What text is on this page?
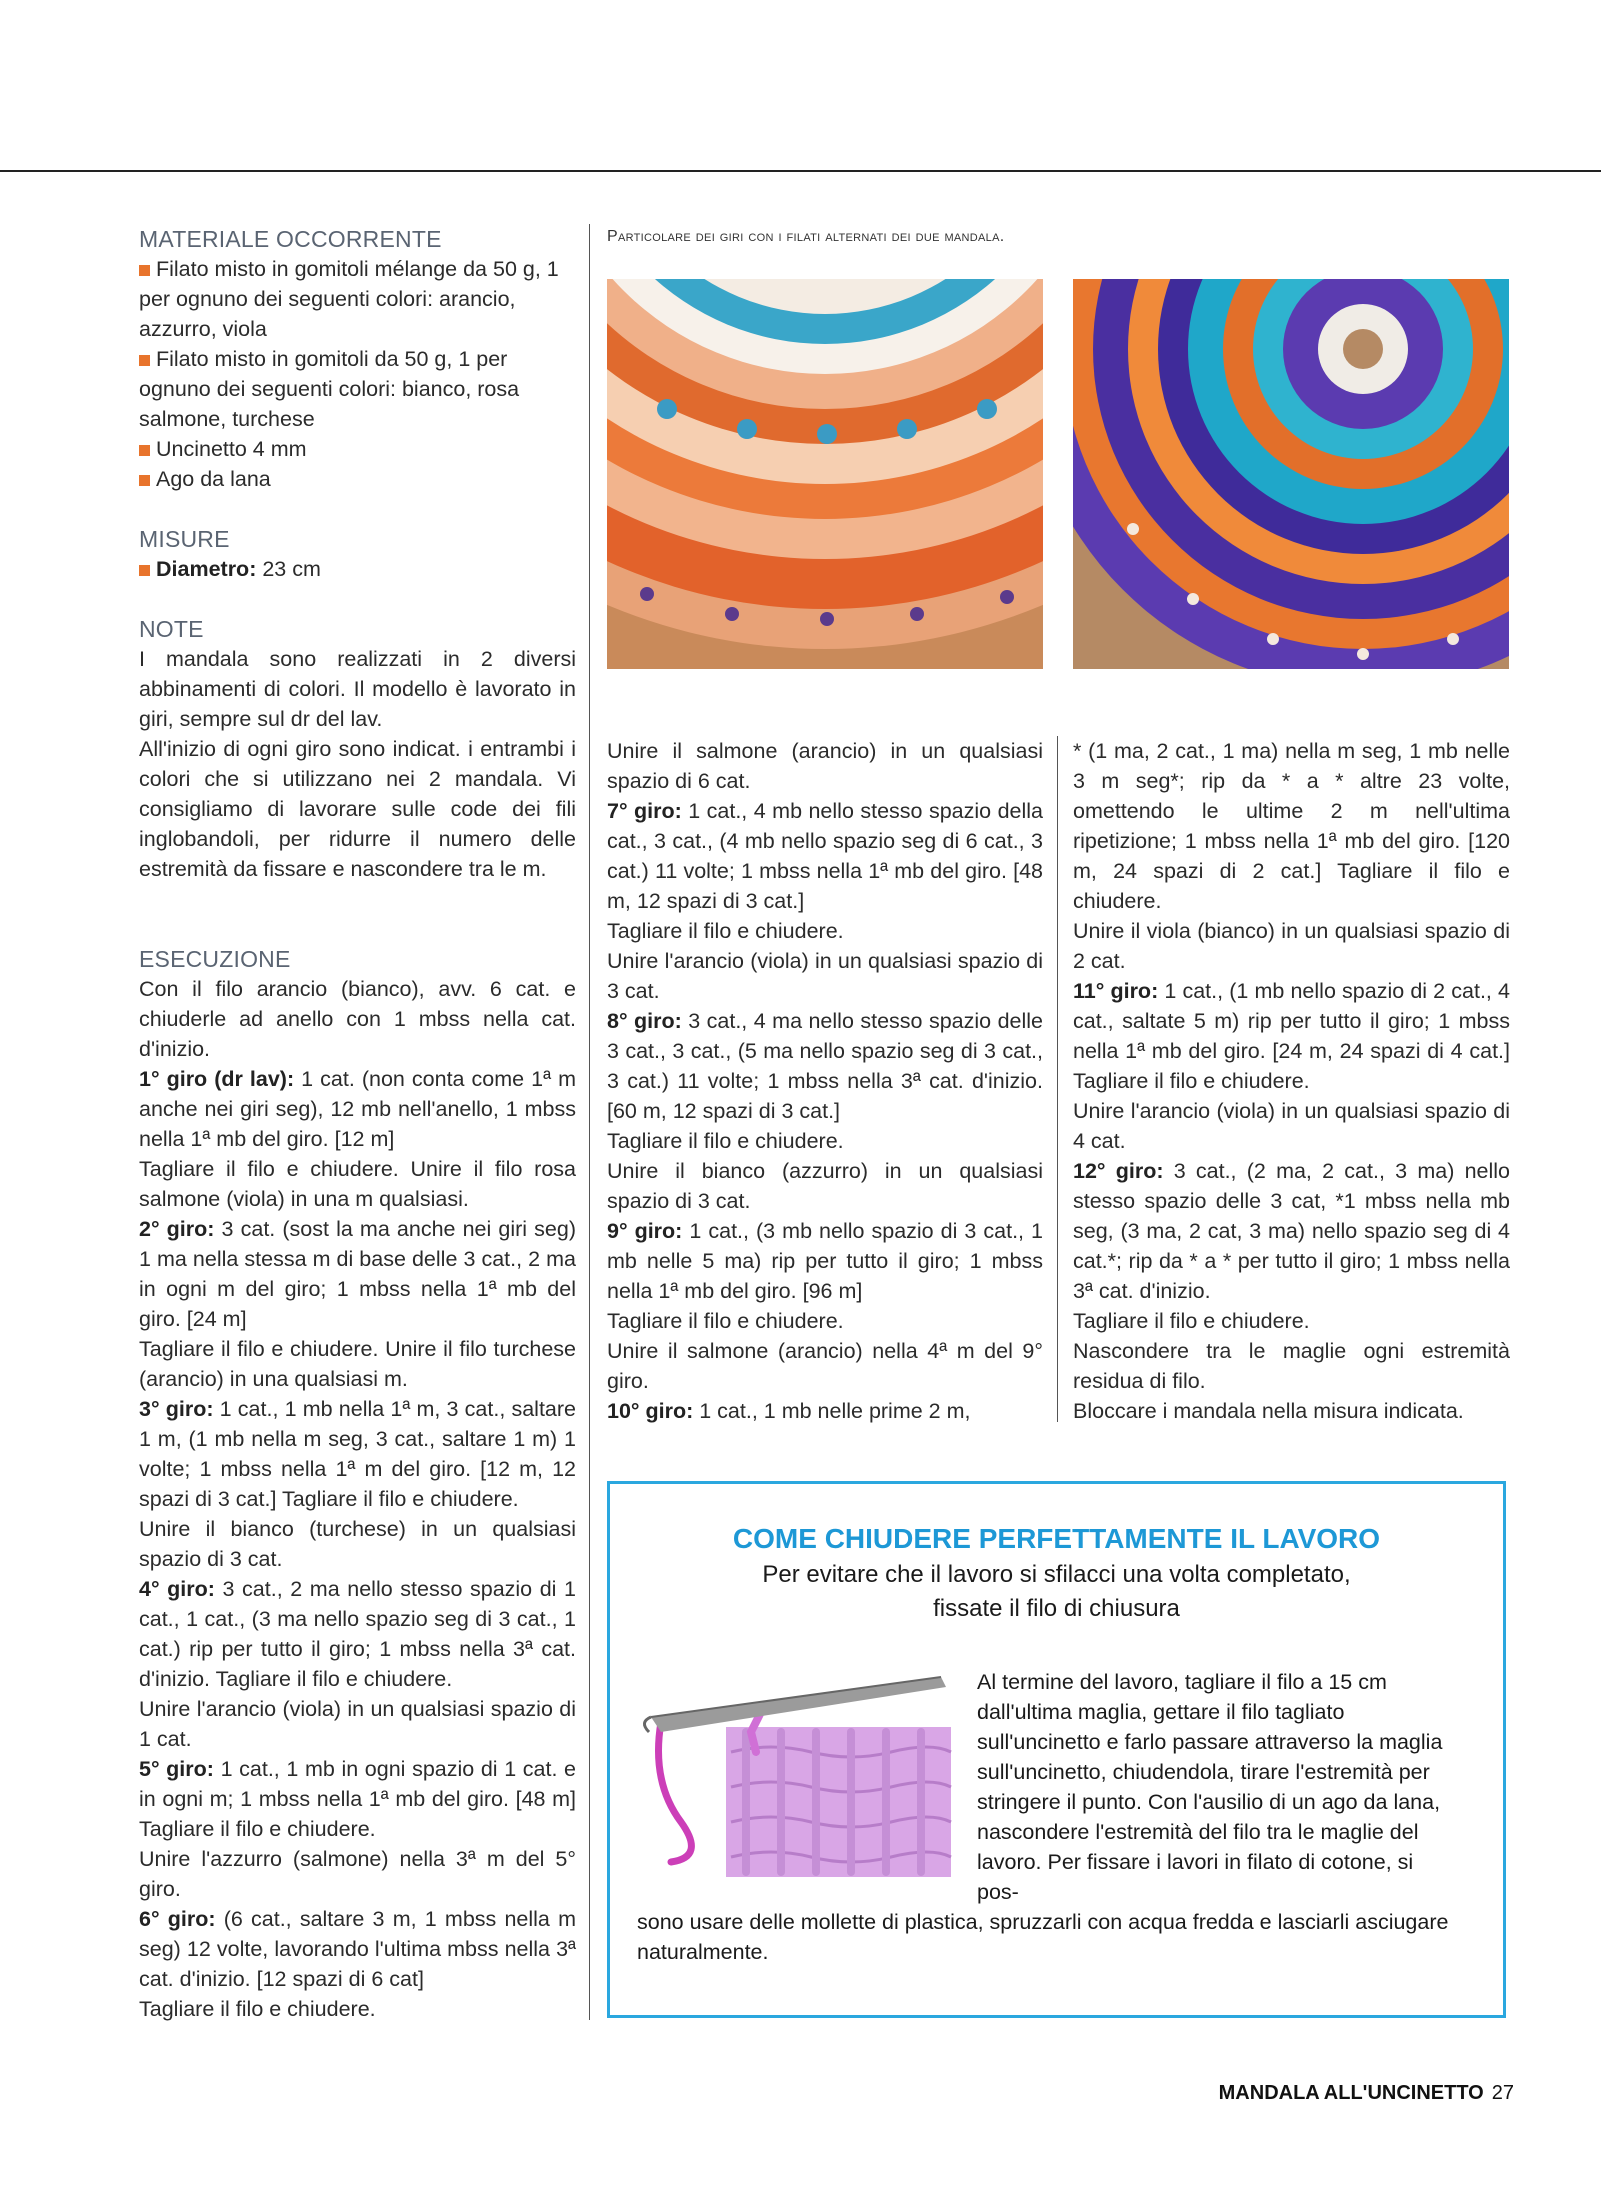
MATERIALE OCCORRENTE

Filato misto in gomitoli mélange da 50 g, 1 per ognuno dei seguenti colori: arancio, azzurro, viola

Filato misto in gomitoli da 50 g, 1 per ognuno dei seguenti colori: bianco, rosa salmone, turchese

Uncinetto 4 mm

Ago da lana

MISURE

Diametro: 23 cm

NOTE

I mandala sono realizzati in 2 diversi abbinamenti di colori. Il modello è lavorato in giri, sempre sul dr del lav.

All'inizio di ogni giro sono indicat. i entrambi i colori che si utilizzano nei 2 mandala. Vi consigliamo di lavorare sulle code dei fili inglobandoli, per ridurre il numero delle estremità da fissare e nascondere tra le m.

ESECUZIONE

Con il filo arancio (bianco), avv. 6 cat. e chiuderle ad anello con 1 mbss nella cat. d'inizio.

1° giro (dr lav): 1 cat. (non conta come 1ª m anche nei giri seg), 12 mb nell'anello, 1 mbss nella 1ª mb del giro. [12 m]

Tagliare il filo e chiudere. Unire il filo rosa salmone (viola) in una m qualsiasi.

2° giro: 3 cat. (sost la ma anche nei giri seg) 1 ma nella stessa m di base delle 3 cat., 2 ma in ogni m del giro; 1 mbss nella 1ª mb del giro. [24 m]

Tagliare il filo e chiudere. Unire il filo turchese (arancio) in una qualsiasi m.

3° giro: 1 cat., 1 mb nella 1ª m, 3 cat., saltare 1 m, (1 mb nella m seg, 3 cat., saltare 1 m) 1 volte; 1 mbss nella 1ª m del giro. [12 m, 12 spazi di 3 cat.] Tagliare il filo e chiudere.

Unire il bianco (turchese) in un qualsiasi spazio di 3 cat.

4° giro: 3 cat., 2 ma nello stesso spazio di 1 cat., 1 cat., (3 ma nello spazio seg di 3 cat., 1 cat.) rip per tutto il giro; 1 mbss nella 3ª cat. d'inizio. Tagliare il filo e chiudere.

Unire l'arancio (viola) in un qualsiasi spazio di 1 cat.

5° giro: 1 cat., 1 mb in ogni spazio di 1 cat. e in ogni m; 1 mbss nella 1ª mb del giro. [48 m] Tagliare il filo e chiudere.

Unire l'azzurro (salmone) nella 3ª m del 5° giro.

6° giro: (6 cat., saltare 3 m, 1 mbss nella m seg) 12 volte, lavorando l'ultima mbss nella 3ª cat. d'inizio. [12 spazi di 6 cat]

Tagliare il filo e chiudere.

Particolare dei giri con i filati alternati dei due mandala.

Unire il salmone (arancio) in un qualsiasi spazio di 6 cat.

7° giro: 1 cat., 4 mb nello stesso spazio della cat., 3 cat., (4 mb nello spazio seg di 6 cat., 3 cat.) 11 volte; 1 mbss nella 1ª mb del giro. [48 m, 12 spazi di 3 cat.]

Tagliare il filo e chiudere.

Unire l'arancio (viola) in un qualsiasi spazio di 3 cat.

8° giro: 3 cat., 4 ma nello stesso spazio delle 3 cat., 3 cat., (5 ma nello spazio seg di 3 cat., 3 cat.) 11 volte; 1 mbss nella 3ª cat. d'inizio. [60 m, 12 spazi di 3 cat.]

Tagliare il filo e chiudere.

Unire il bianco (azzurro) in un qualsiasi spazio di 3 cat.

9° giro: 1 cat., (3 mb nello spazio di 3 cat., 1 mb nelle 5 ma) rip per tutto il giro; 1 mbss nella 1ª mb del giro. [96 m]

Tagliare il filo e chiudere.

Unire il salmone (arancio) nella 4ª m del 9° giro.

10° giro: 1 cat., 1 mb nelle prime 2 m,

* (1 ma, 2 cat., 1 ma) nella m seg, 1 mb nelle 3 m seg*; rip da * a * altre 23 volte, omettendo le ultime 2 m nell'ultima ripetizione; 1 mbss nella 1ª mb del giro. [120 m, 24 spazi di 2 cat.] Tagliare il filo e chiudere.

Unire il viola (bianco) in un qualsiasi spazio di 2 cat.

11° giro: 1 cat., (1 mb nello spazio di 2 cat., 4 cat., saltate 5 m) rip per tutto il giro; 1 mbss nella 1ª mb del giro. [24 m, 24 spazi di 4 cat.] Tagliare il filo e chiudere.

Unire l'arancio (viola) in un qualsiasi spazio di 4 cat.

12° giro: 3 cat., (2 ma, 2 cat., 3 ma) nello stesso spazio delle 3 cat, *1 mbss nella mb seg, (3 ma, 2 cat, 3 ma) nello spazio seg di 4 cat.*; rip da * a * per tutto il giro; 1 mbss nella 3ª cat. d'inizio.

Tagliare il filo e chiudere.

Nascondere tra le maglie ogni estremità residua di filo.

Bloccare i mandala nella misura indicata.

COME CHIUDERE PERFETTAMENTE IL LAVORO
Per evitare che il lavoro si sfilacci una volta completato,
fissate il filo di chiusura
Al termine del lavoro, tagliare il filo a 15 cm dall'ultima maglia, gettare il filo tagliato sull'uncinetto e farlo passare attraverso la maglia sull'uncinetto, chiudendola, tirare l'estremità per stringere il punto. Con l'ausilio di un ago da lana, nascondere l'estremità del filo tra le maglie del lavoro. Per fissare i lavori in filato di cotone, si pos-
sono usare delle mollette di plastica, spruzzarli con acqua fredda e lasciarli asciugare naturalmente.
MANDALA ALL'UNCINETTO 27
